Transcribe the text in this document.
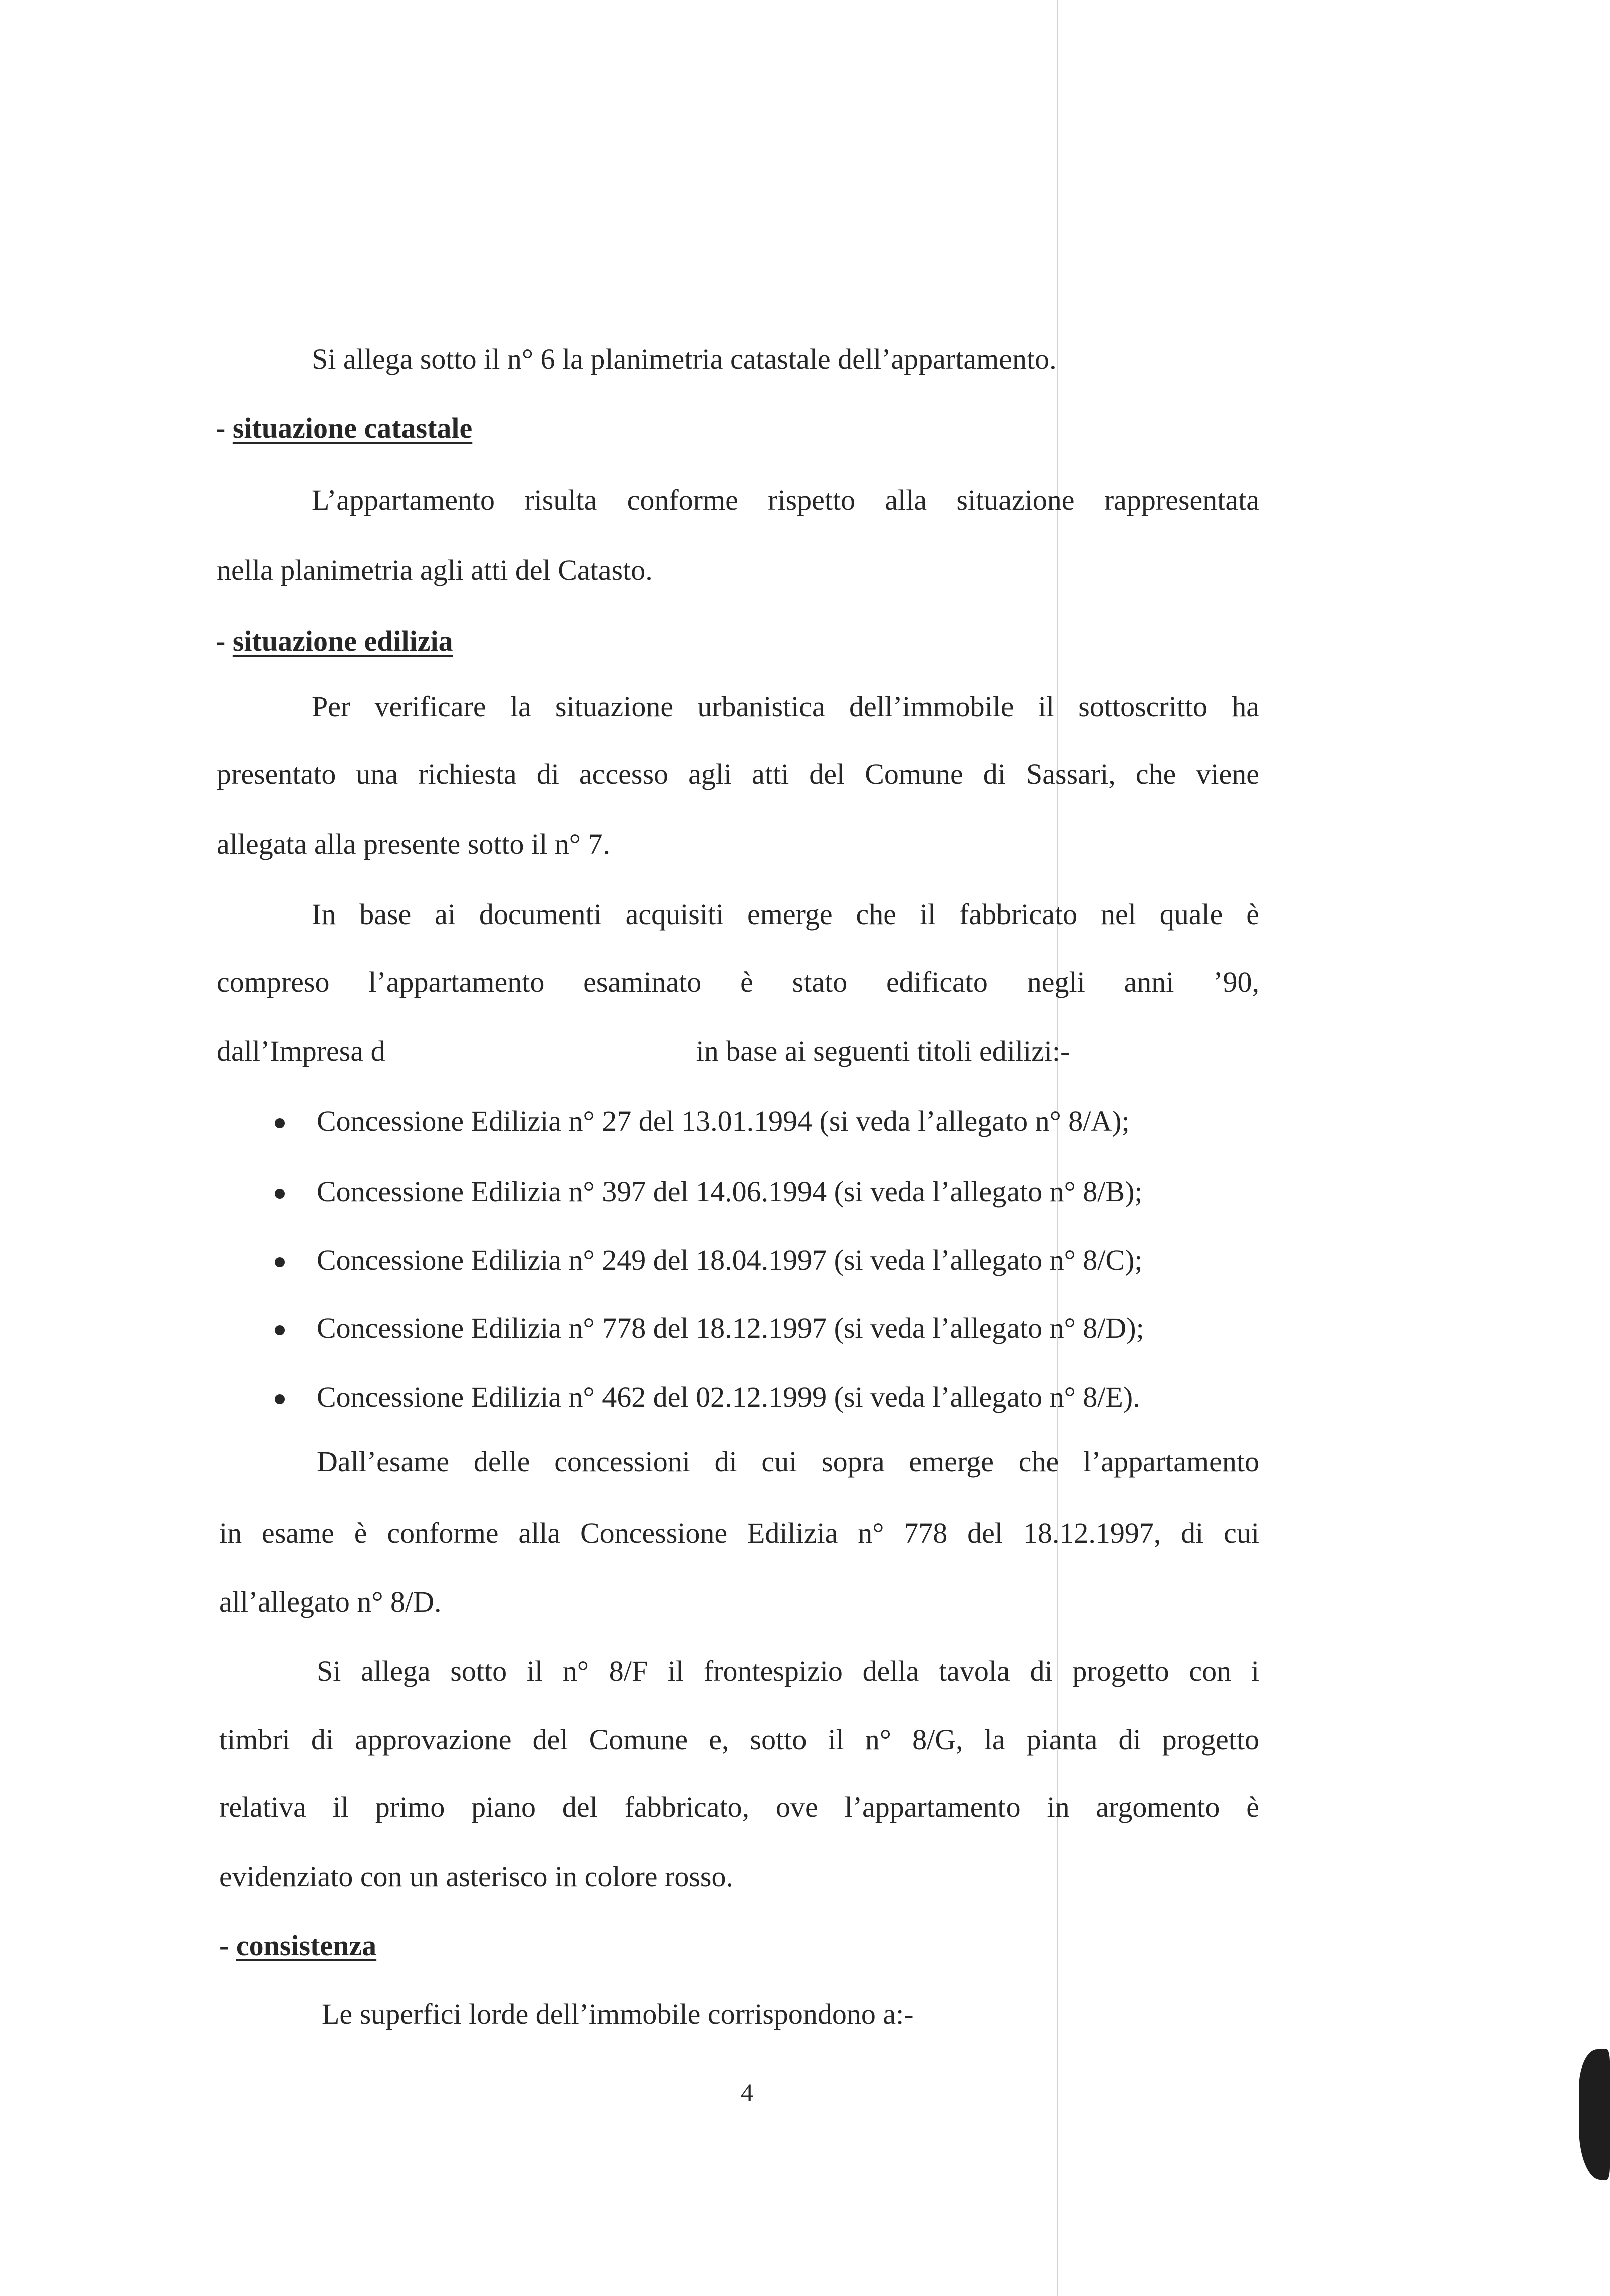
Si allega sotto il n° 6 la planimetria catastale dell’appartamento.
- situazione catastale
L’appartamento risulta conforme rispetto alla situazione rappresentata
nella planimetria agli atti del Catasto.
- situazione edilizia
Per verificare la situazione urbanistica dell’immobile il sottoscritto ha
presentato una richiesta di accesso agli atti del Comune di Sassari, che viene
allegata alla presente sotto il n° 7.
In base ai documenti acquisiti emerge che il fabbricato nel quale è
compreso l’appartamento esaminato è stato edificato negli anni ’90,
dall’Impresa d	in base ai seguenti titoli edilizi:-
Concessione Edilizia n° 27 del 13.01.1994 (si veda l’allegato n° 8/A);
Concessione Edilizia n° 397 del 14.06.1994 (si veda l’allegato n° 8/B);
Concessione Edilizia n° 249 del 18.04.1997 (si veda l’allegato n° 8/C);
Concessione Edilizia n° 778 del 18.12.1997 (si veda l’allegato n° 8/D);
Concessione Edilizia n° 462 del 02.12.1999 (si veda l’allegato n° 8/E).
Dall’esame delle concessioni di cui sopra emerge che l’appartamento
in esame è conforme alla Concessione Edilizia n° 778 del 18.12.1997, di cui
all’allegato n° 8/D.
Si allega sotto il n° 8/F il frontespizio della tavola di progetto con i
timbri di approvazione del Comune e, sotto il n° 8/G, la pianta di progetto
relativa il primo piano del fabbricato, ove l’appartamento in argomento è
evidenziato con un asterisco in colore rosso.
- consistenza
Le superfici lorde dell’immobile corrispondono a:-
4
